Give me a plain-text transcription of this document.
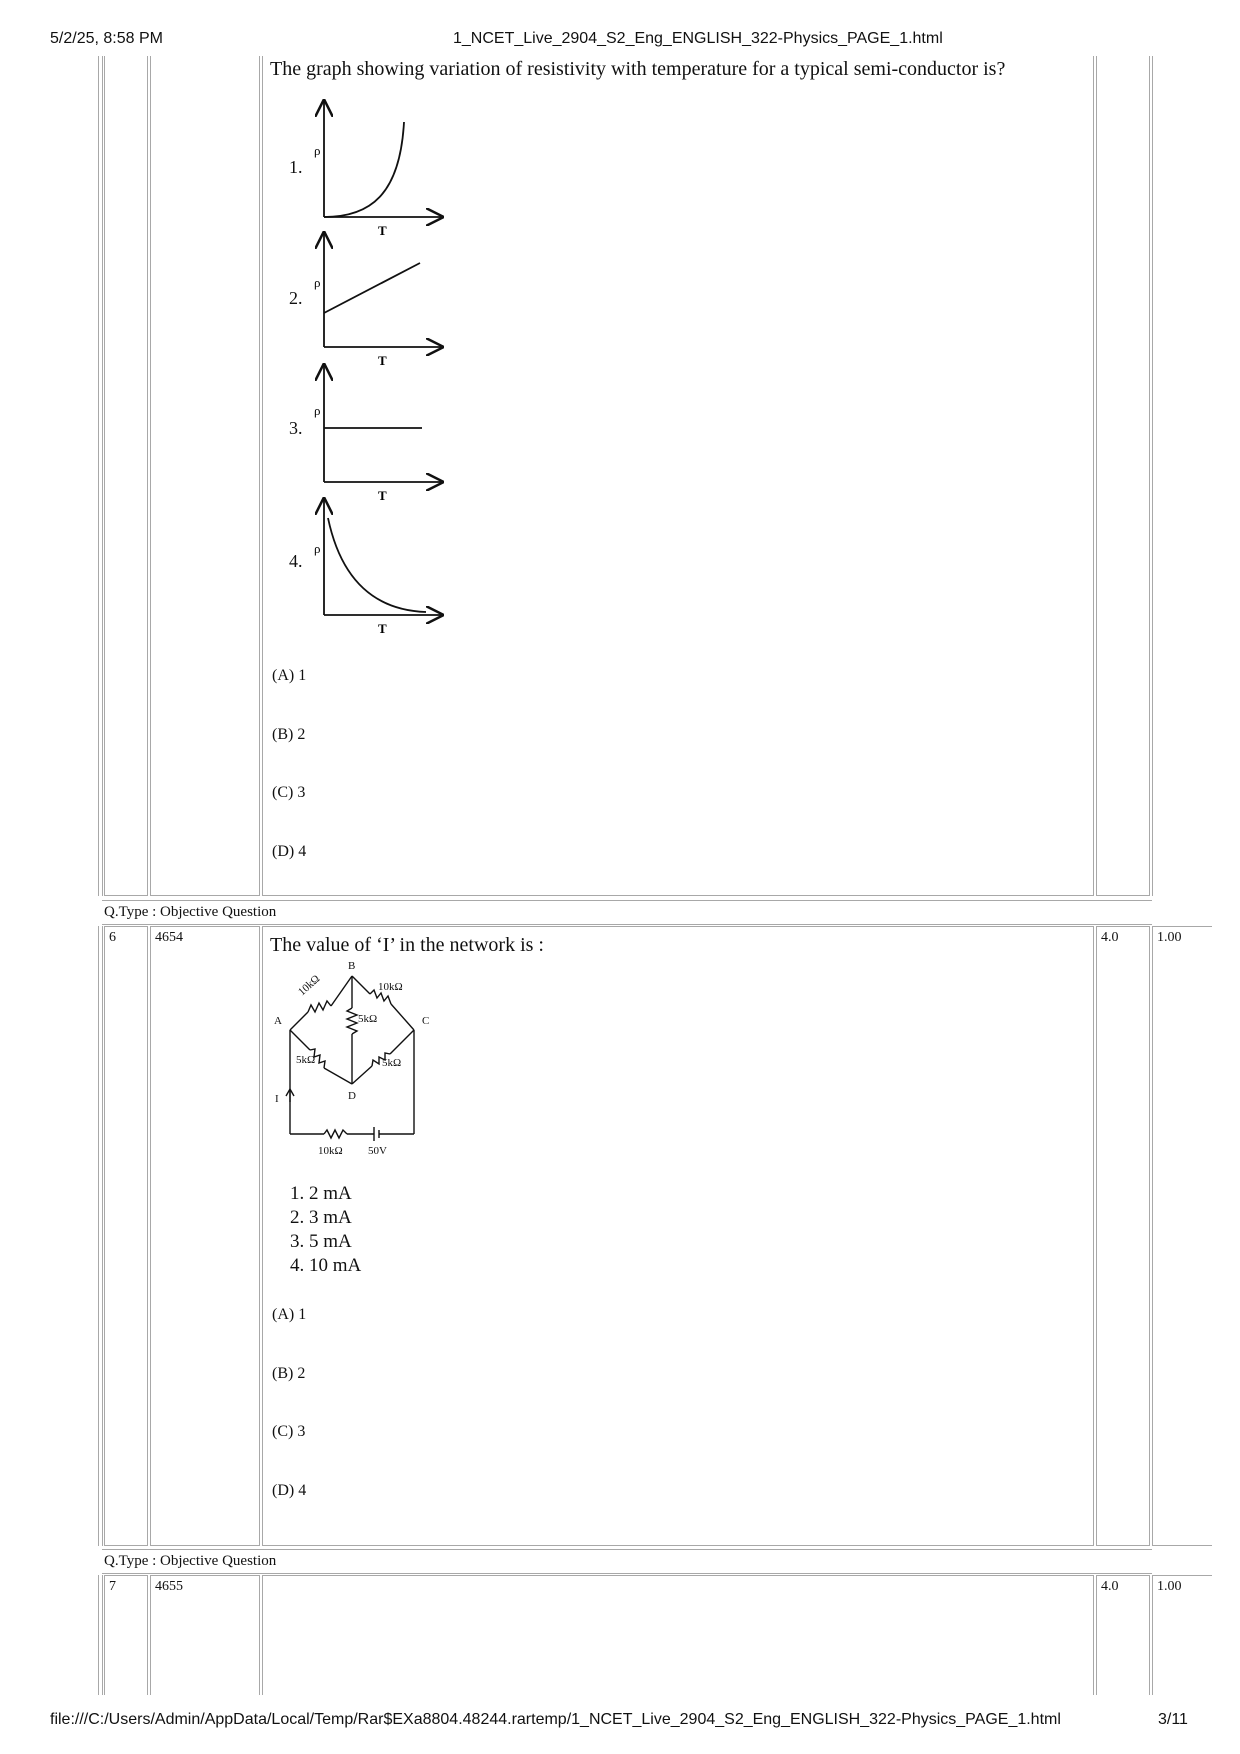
5/2/25, 8:58 PM	1_NCET_Live_2904_S2_Eng_ENGLISH_322-Physics_PAGE_1.html
file:///C:/Users/Admin/AppData/Local/Temp/Rar$EXa8804.48244.rartemp/1_NCET_Live_2904_S2_Eng_ENGLISH_322-Physics_PAGE_1.html	3/11
The graph showing variation of resistivity with temperature for a typical semi-conductor is?
1.
2.
3.
4.
ρ
T
ρ
T
ρ
T
ρ
T
(A) 1
(B) 2
(C) 3
(D) 4
Q.Type : Objective Question
6	4654	4.0	1.00
The value of ‘I’ in the network is :
B
A	C
D
10kΩ	10kΩ
5kΩ
5kΩ	5kΩ
10kΩ 50V
I
1. 2 mA
2. 3 mA
3. 5 mA
4. 10 mA
(A) 1
(B) 2
(C) 3
(D) 4
Q.Type : Objective Question
7	4655	4.0	1.00
